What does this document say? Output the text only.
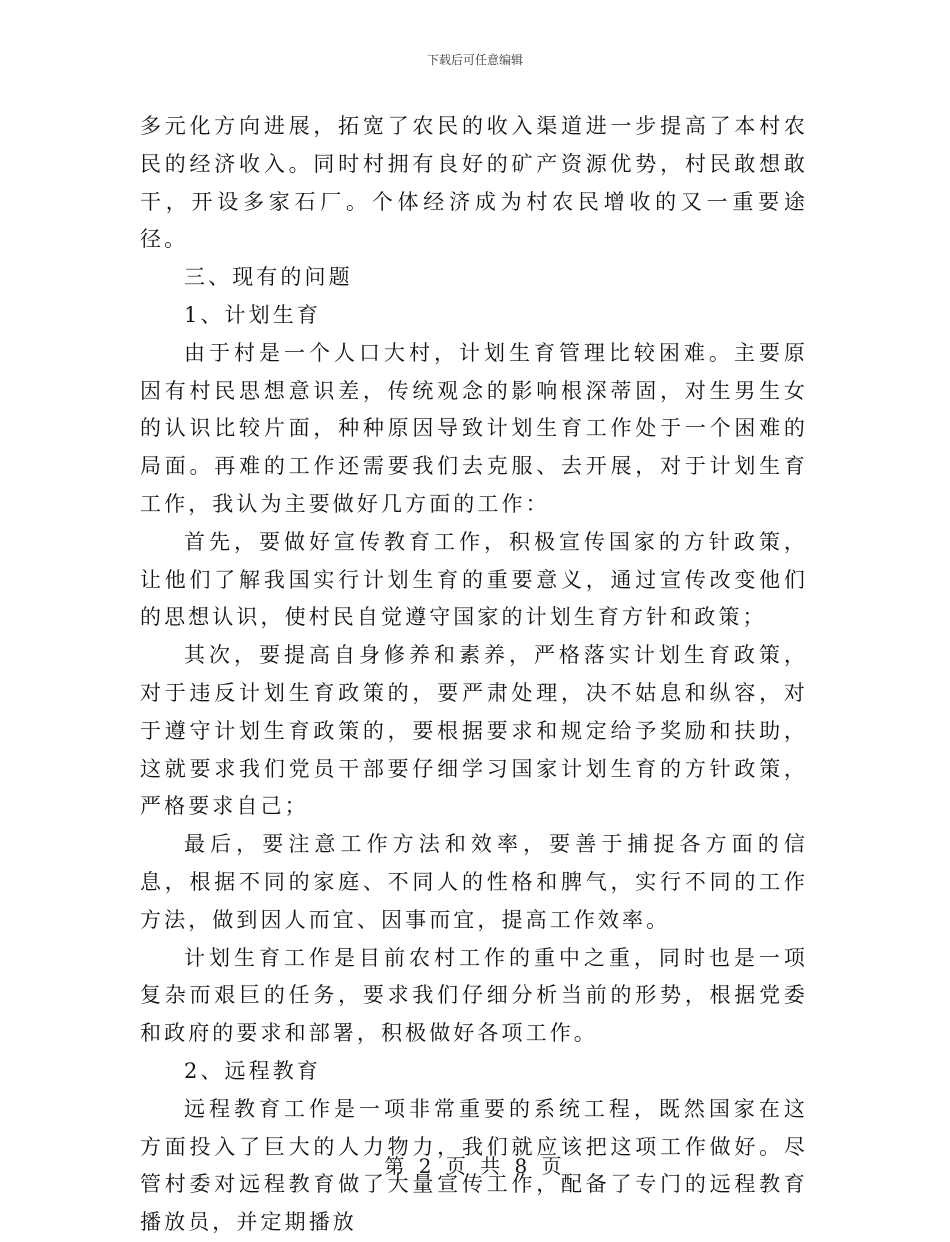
下载后可任意编辑

多元化方向进展，拓宽了农民的收入渠道进一步提高了本村农民的经济收入。同时村拥有良好的矿产资源优势，村民敢想敢干，开设多家石厂。个体经济成为村农民增收的又一重要途径。

三、现有的问题

1、计划生育

由于村是一个人口大村，计划生育管理比较困难。主要原因有村民思想意识差，传统观念的影响根深蒂固，对生男生女的认识比较片面，种种原因导致计划生育工作处于一个困难的局面。再难的工作还需要我们去克服、去开展，对于计划生育工作，我认为主要做好几方面的工作：

首先，要做好宣传教育工作，积极宣传国家的方针政策，让他们了解我国实行计划生育的重要意义，通过宣传改变他们的思想认识，使村民自觉遵守国家的计划生育方针和政策；

其次，要提高自身修养和素养，严格落实计划生育政策，对于违反计划生育政策的，要严肃处理，决不姑息和纵容，对于遵守计划生育政策的，要根据要求和规定给予奖励和扶助，这就要求我们党员干部要仔细学习国家计划生育的方针政策，严格要求自己；

最后，要注意工作方法和效率，要善于捕捉各方面的信息，根据不同的家庭、不同人的性格和脾气，实行不同的工作方法，做到因人而宜、因事而宜，提高工作效率。

计划生育工作是目前农村工作的重中之重，同时也是一项复杂而艰巨的任务，要求我们仔细分析当前的形势，根据党委和政府的要求和部署，积极做好各项工作。

2、远程教育

远程教育工作是一项非常重要的系统工程，既然国家在这方面投入了巨大的人力物力，我们就应该把这项工作做好。尽管村委对远程教育做了大量宣传工作，配备了专门的远程教育播放员，并定期播放

第 2 页 共 8 页
